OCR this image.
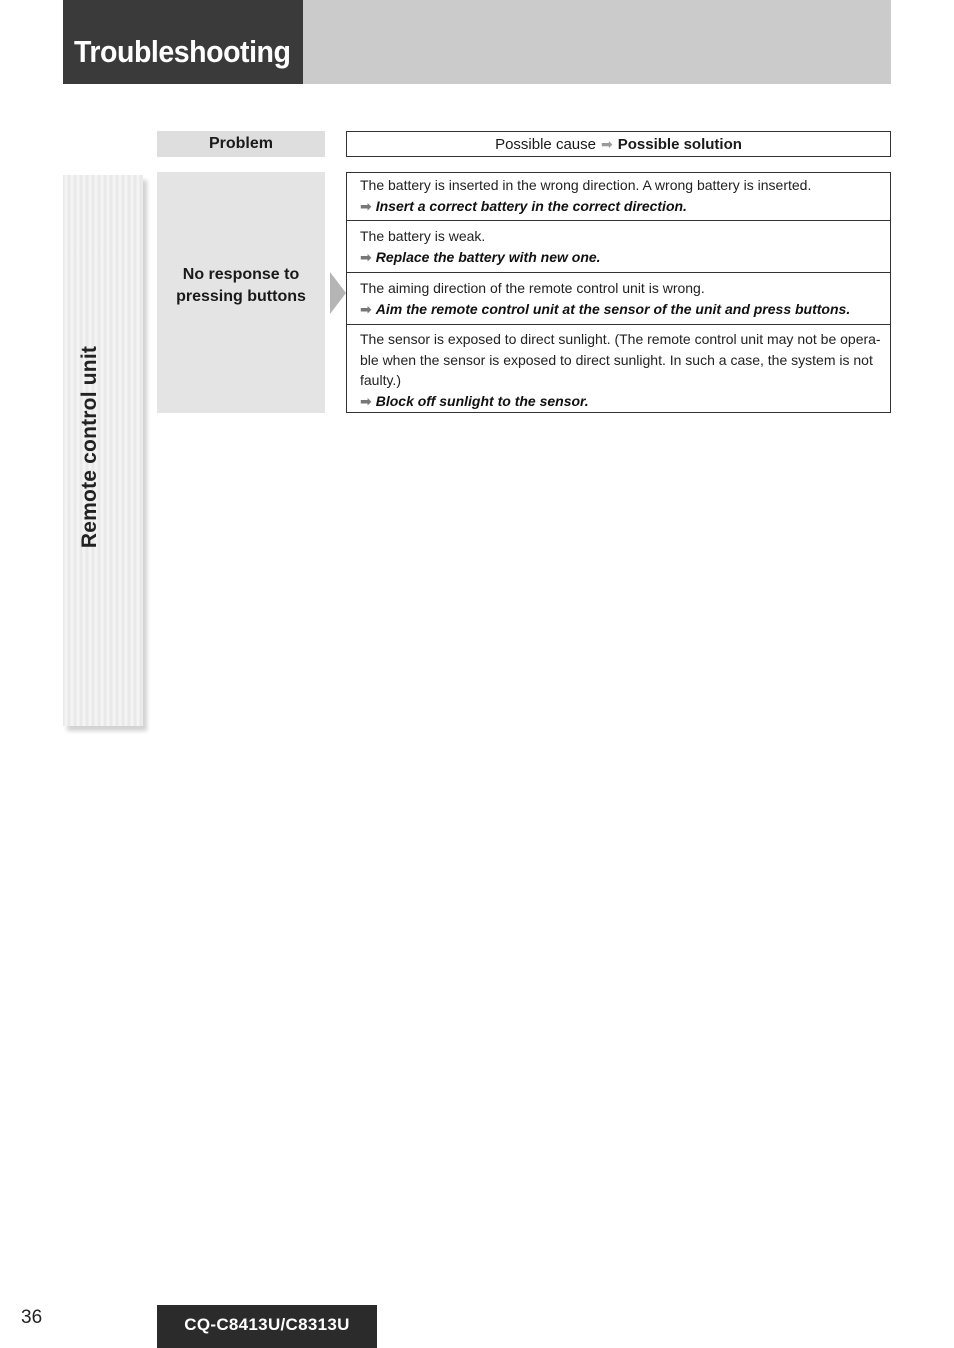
Troubleshooting
Remote control unit
Problem	Possible cause ➡ Possible solution
No response to
pressing buttons
The battery is inserted in the wrong direction. A wrong battery is inserted.
➡ Insert a correct battery in the correct direction.
The battery is weak.
➡ Replace the battery with new one.
The aiming direction of the remote control unit is wrong.
➡ Aim the remote control unit at the sensor of the unit and press buttons.
The sensor is exposed to direct sunlight. (The remote control unit may not be opera-ble when the sensor is exposed to direct sunlight. In such a case, the system is not faulty.)
➡ Block off sunlight to the sensor.
36	CQ-C8413U/C8313U
